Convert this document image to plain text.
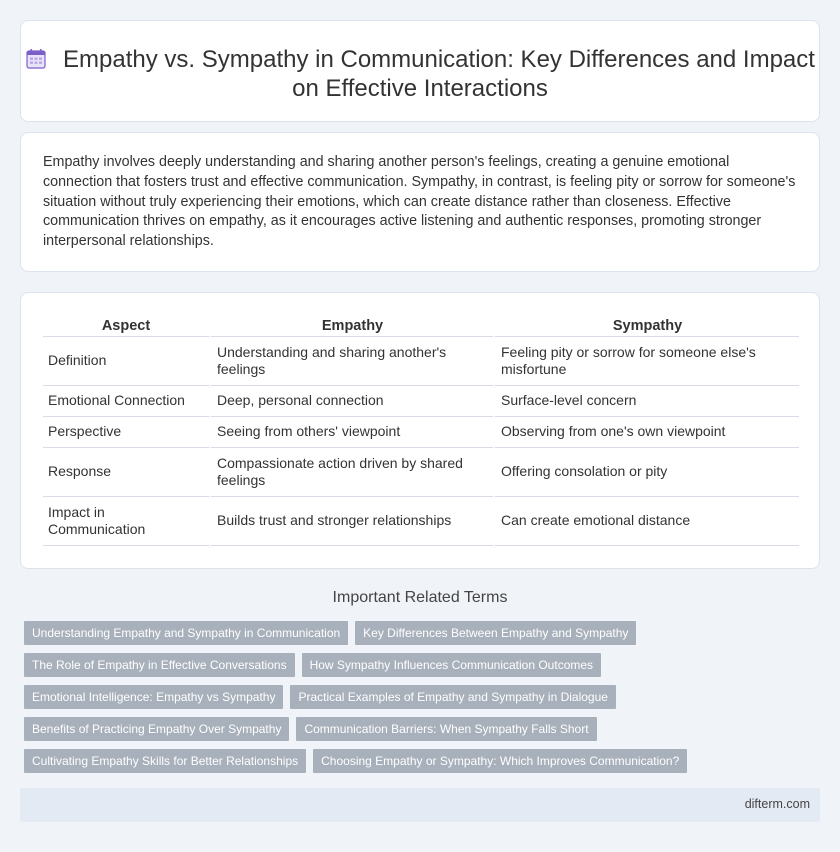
Empathy vs. Sympathy in Communication: Key Differences and Impact on Effective Interactions

Empathy involves deeply understanding and sharing another person's feelings, creating a genuine emotional connection that fosters trust and effective communication. Sympathy, in contrast, is feeling pity or sorrow for someone's situation without truly experiencing their emotions, which can create distance rather than closeness. Effective communication thrives on empathy, as it encourages active listening and authentic responses, promoting stronger interpersonal relationships.

Aspect	Empathy	Sympathy
Definition	Understanding and sharing another's feelings	Feeling pity or sorrow for someone else's misfortune
Emotional Connection	Deep, personal connection	Surface-level concern
Perspective	Seeing from others' viewpoint	Observing from one's own viewpoint
Response	Compassionate action driven by shared feelings	Offering consolation or pity
Impact in Communication	Builds trust and stronger relationships	Can create emotional distance
Important Related Terms
Understanding Empathy and Sympathy in Communication	Key Differences Between Empathy and Sympathy
The Role of Empathy in Effective Conversations	How Sympathy Influences Communication Outcomes
Emotional Intelligence: Empathy vs Sympathy	Practical Examples of Empathy and Sympathy in Dialogue
Benefits of Practicing Empathy Over Sympathy	Communication Barriers: When Sympathy Falls Short
Cultivating Empathy Skills for Better Relationships	Choosing Empathy or Sympathy: Which Improves Communication?
difterm.com
